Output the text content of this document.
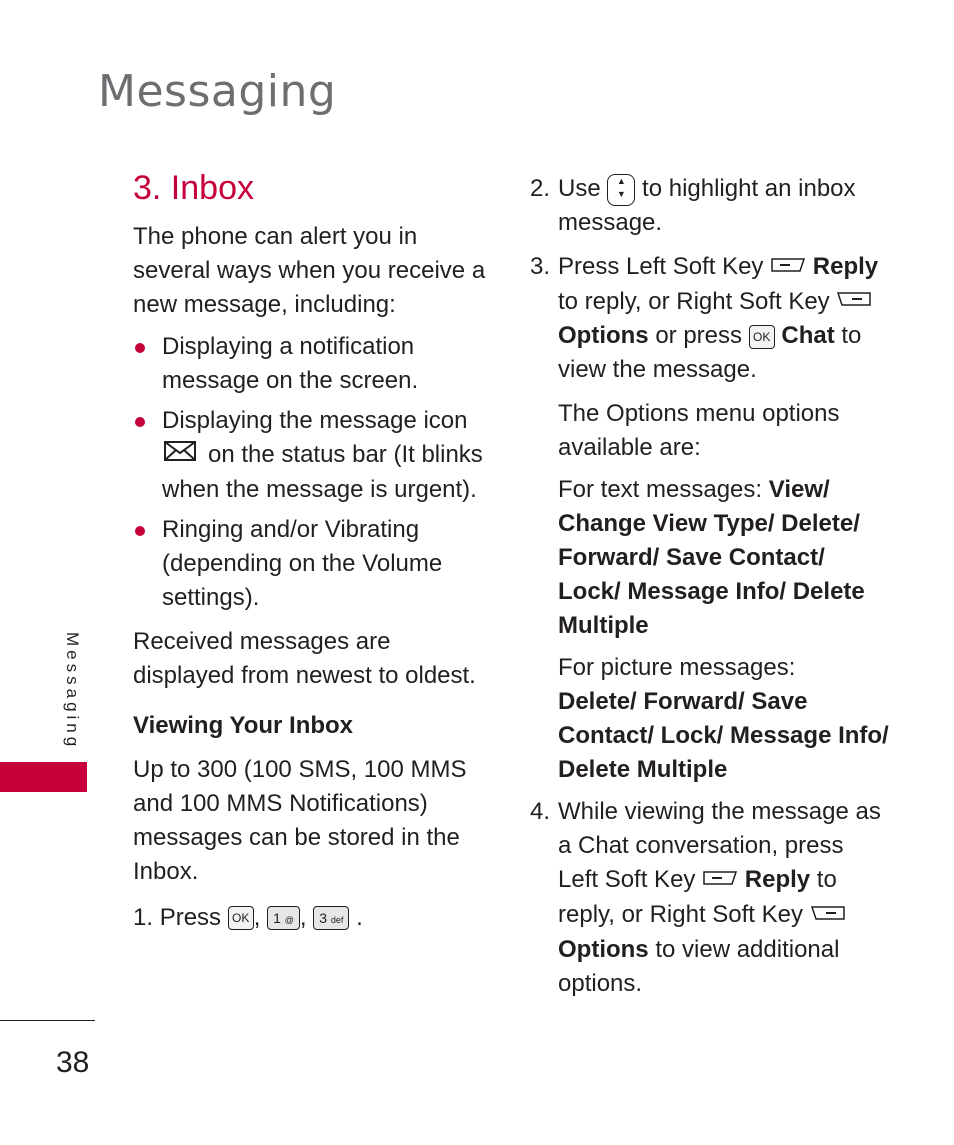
Messaging
Messaging
38
3. Inbox

The phone can alert you in several ways when you receive a new message, including:

Displaying a notification message on the screen.
Displaying the message icon
on the status bar (It blinks when the message is urgent).
Ringing and/or Vibrating (depending on the Volume settings).

Received messages are displayed from newest to oldest.

Viewing Your Inbox

Up to 300 (100 SMS, 100 MMS and 100 MMS Notifications) messages can be stored in the Inbox.

1. Press OK , 1 @ , 3 def .
2. Use ▲
▼ to highlight an inbox message.
3. Press Left Soft Key Reply to reply, or Right Soft Key  Options or press OK Chat to view the message.

The Options menu options available are:

For text messages: View/ Change View Type/ Delete/ Forward/ Save Contact/ Lock/ Message Info/ Delete Multiple

For picture messages:
Delete/ Forward/ Save Contact/ Lock/ Message Info/ Delete Multiple

4. While viewing the message as a Chat conversation, press Left Soft Key Reply to reply, or Right Soft Key  Options to view additional options.
